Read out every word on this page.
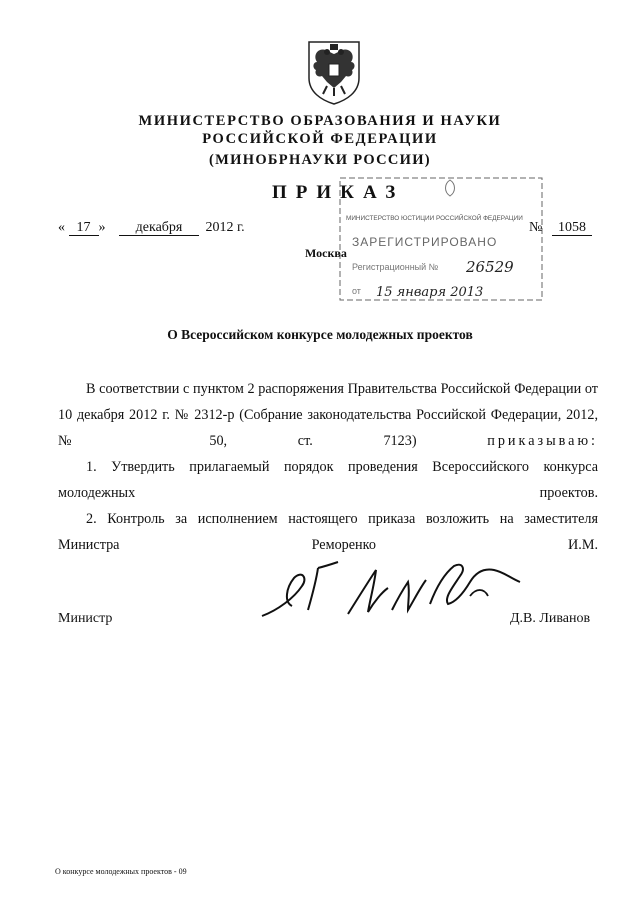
МИНИСТЕРСТВО ОБРАЗОВАНИЯ И НАУКИ
РОССИЙСКОЙ ФЕДЕРАЦИИ
(МИНОБРНАУКИ РОССИИ)
ПРИКАЗ
« 17 » декабря 2012 г.
МИНИСТЕРСТВО ЮСТИЦИИ РОССИЙСКОЙ ФЕДЕРАЦИИ
ЗАРЕГИСТРИРОВАНО
Регистрационный № 26529
от 15 января 2013
Москва
№	1058
О Всероссийском конкурсе молодежных проектов
В соответствии с пунктом 2 распоряжения Правительства Российской Федерации от 10 декабря 2012 г. № 2312-р (Собрание законодательства Российской Федерации, 2012, № 50, ст. 7123)	приказываю:
1. Утвердить прилагаемый порядок проведения Всероссийского конкурса молодежных проектов.
2. Контроль за исполнением настоящего приказа возложить на заместителя Министра Реморенко И.М.
Министр	Д.В. Ливанов
О конкурсе молодежных проектов - 09
